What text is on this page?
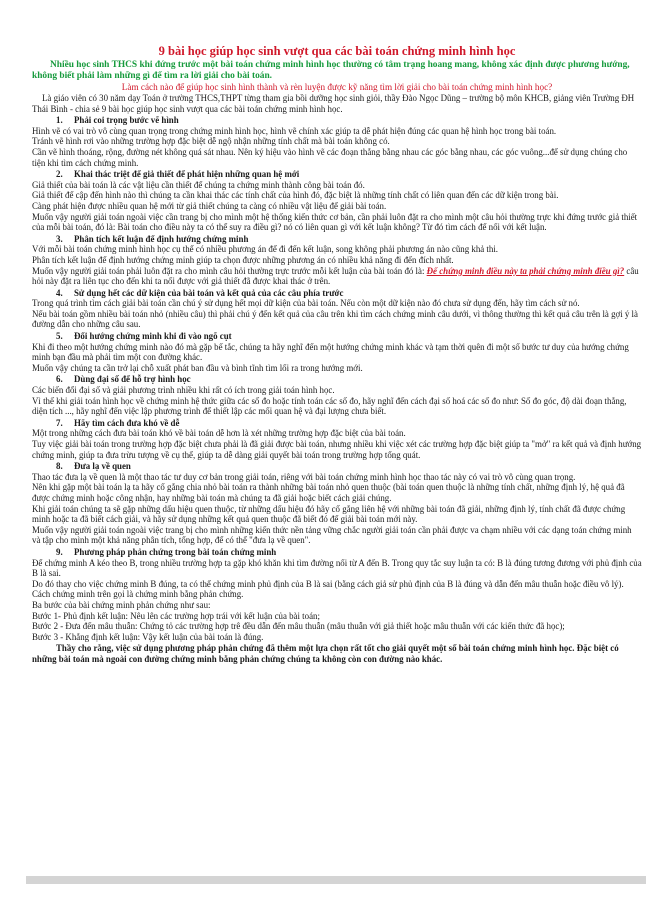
9 bài học giúp học sinh vượt qua các bài toán chứng minh hình học

Nhiều học sinh THCS khi đứng trước một bài toán chứng minh hình học thường có tâm trạng hoang mang, không xác định được phương hướng, không biết phải làm những gì để tìm ra lời giải cho bài toán.

Làm cách nào để giúp học sinh hình thành và rèn luyện được kỹ năng tìm lời giải cho bài toán chứng minh hình học?

Là giáo viên có 30 năm dạy Toán ở trường THCS,THPT từng tham gia bồi dưỡng học sinh giỏi, thầy Đào Ngọc Dũng – trường bộ môn KHCB, giảng viên Trường ĐH Thái Bình - chia sẻ 9 bài học giúp học sinh vượt qua các bài toán chứng minh hình học.

1. Phải coi trọng bước vẽ hình

Hình vẽ có vai trò vô cùng quan trọng trong chứng minh hình học, hình vẽ chính xác giúp ta dễ phát hiện đúng các quan hệ hình học trong bài toán.

Tránh vẽ hình rơi vào những trường hợp đặc biệt dễ ngộ nhận những tính chất mà bài toán không có.

Cần vẽ hình thoáng, rộng, đường nét không quá sát nhau. Nên ký hiệu vào hình vẽ các đoạn thẳng bằng nhau các góc bằng nhau, các góc vuông...để sử dụng chúng cho tiện khi tìm cách chứng minh.

2. Khai thác triệt để giả thiết để phát hiện những quan hệ mới

Giả thiết của bài toán là các vật liệu cần thiết để chúng ta chứng minh thành công bài toán đó.

Giả thiết để cập đến hình nào thì chúng ta cần khai thác các tính chất của hình đó, đặc biệt là những tính chất có liên quan đến các dữ kiện trong bài.

Càng phát hiện được nhiều quan hệ mới từ giả thiết chúng ta càng có nhiều vật liệu để giải bài toán.

Muốn vậy người giải toán ngoài việc cần trang bị cho mình một hệ thống kiến thức cơ bản, cần phải luôn đặt ra cho mình một câu hỏi thường trực khi đứng trước giả thiết của mỗi bài toán, đó là: Bài toán cho điều này ta có thể suy ra điều gì? nó có liên quan gì với kết luận không? Từ đó tìm cách để nối với kết luận.

3. Phân tích kết luận để định hướng chứng minh

Với mỗi bài toán chứng minh hình học cụ thể có nhiều phương án để đi đến kết luận, song không phải phương án nào cũng khả thi.

Phân tích kết luận để định hướng chứng minh giúp ta chọn được những phương án có nhiều khả năng đi đến đích nhất.

Muốn vậy người giải toán phải luôn đặt ra cho mình câu hỏi thường trực trước mỗi kết luận của bài toán đó là: Để chứng minh điều này ta phải chứng minh điều gì? câu hỏi này đặt ra liên tục cho đến khi ta nối được với giả thiết đã được khai thác ở trên.

4. Sử dụng hết các dữ kiện của bài toán và kết quả của các câu phía trước

Trong quá trình tìm cách giải bài toán cần chú ý sử dụng hết mọi dữ kiện của bài toán. Nếu còn một dữ kiện nào đó chưa sử dụng đến, hãy tìm cách sử nó.

Nếu bài toán gồm nhiều bài toán nhỏ (nhiều câu) thì phải chú ý đến kết quả của câu trên khi tìm cách chứng minh câu dưới, vì thông thường thì kết quả câu trên là gợi ý là đường dẫn cho những câu sau.

5. Đổi hướng chứng minh khi đi vào ngõ cụt

Khi đi theo một hướng chứng minh nào đó mà gặp bế tắc, chúng ta hãy nghĩ đến một hướng chứng minh khác và tạm thời quên đi một số bước tư duy của hướng chứng minh bạn đầu mà phải tìm một con đường khác.

Muốn vậy chúng ta cần trở lại chỗ xuất phát ban đầu và bình tĩnh tìm lối ra trong hướng mới.

6. Dùng đại số để hỗ trợ hình học

Các biến đổi đại số và giải phương trình nhiều khi rất có ích trong giải toán hình học.

Vì thế khi giải toán hình học về chứng minh hệ thức giữa các số đo hoặc tính toán các số đo, hãy nghĩ đến cách đại số hoá các số đo như: Số đo góc, độ dài đoạn thẳng, diện tích ..., hãy nghĩ đến việc lập phương trình để thiết lập các mối quan hệ và đại lượng chưa biết.

7. Hãy tìm cách đưa khó về dễ

Một trong những cách đưa bài toán khó về bài toán dễ hơn là xét những trường hợp đặc biệt của bài toán.

Tuy việc giải bài toán trong trường hợp đặc biệt chưa phải là đã giải được bài toán, nhưng nhiều khi việc xét các trường hợp đặc biệt giúp ta "mở" ra kết quả và định hướng chứng minh, giúp ta đưa trừu tượng về cụ thể, giúp ta dễ dàng giải quyết bài toán trong trường hợp tổng quát.

8. Đưa lạ về quen

Thao tác đưa lạ về quen là một thao tác tư duy cơ bản trong giải toán, riêng với bài toán chứng minh hình học thao tác này có vai trò vô cùng quan trọng.

Nên khi gặp một bài toán lạ ta hãy cố gắng chia nhỏ bài toán ra thành những bài toán nhỏ quen thuộc (bài toán quen thuộc là những tính chất, những định lý, hệ quả đã được chứng minh hoặc công nhận, hay những bài toán mà chúng ta đã giải hoặc biết cách giải chúng.

Khi giải toán chúng ta sẽ gặp những dấu hiệu quen thuộc, từ những dấu hiệu đó hãy cố gắng liên hệ với những bài toán đã giải, những định lý, tính chất đã được chứng minh hoặc ta đã biết cách giải, và hãy sử dụng những kết quả quen thuộc đã biết đó để giải bài toán mới này.

Muốn vậy người giải toán ngoài việc trang bị cho mình những kiến thức nền tảng vững chắc người giải toán cần phải được va chạm nhiều với các dạng toán chứng minh và tập cho mình một khả năng phân tích, tổng hợp, để có thể "đưa lạ về quen".

9. Phương pháp phản chứng trong bài toán chứng minh

Để chứng minh A kéo theo B, trong nhiều trường hợp ta gặp khó khăn khi tìm đường nối từ A đến B. Trong quy tắc suy luận ta có: B là đúng tương đương với phủ định của B là sai.

Do đó thay cho việc chứng minh B đúng, ta có thể chứng minh phủ định của B là sai (bằng cách giả sử phủ định của B là đúng và dẫn đến mâu thuẫn hoặc điều vô lý). Cách chứng minh trên gọi là chứng minh bằng phản chứng.

Ba bước của bài chứng minh phản chứng như sau:

Bước 1- Phủ định kết luận: Nêu lên các trường hợp trái với kết luận của bài toán;

Bước 2 - Đưa đến mâu thuẫn: Chứng tỏ các trường hợp trê đều dẫn đến mâu thuẫn (mâu thuẫn với giả thiết hoặc mâu thuẫn với các kiến thức đã học);

Bước 3 - Khẳng định kết luận: Vậy kết luận của bài toán là đúng.

Thầy cho rằng, việc sử dụng phương pháp phản chứng đã thêm một lựa chọn rất tốt cho giải quyết một số bài toán chứng minh hình học. Đặc biệt có những bài toán mà ngoài con đường chứng minh bằng phản chứng chúng ta không còn con đường nào khác.
